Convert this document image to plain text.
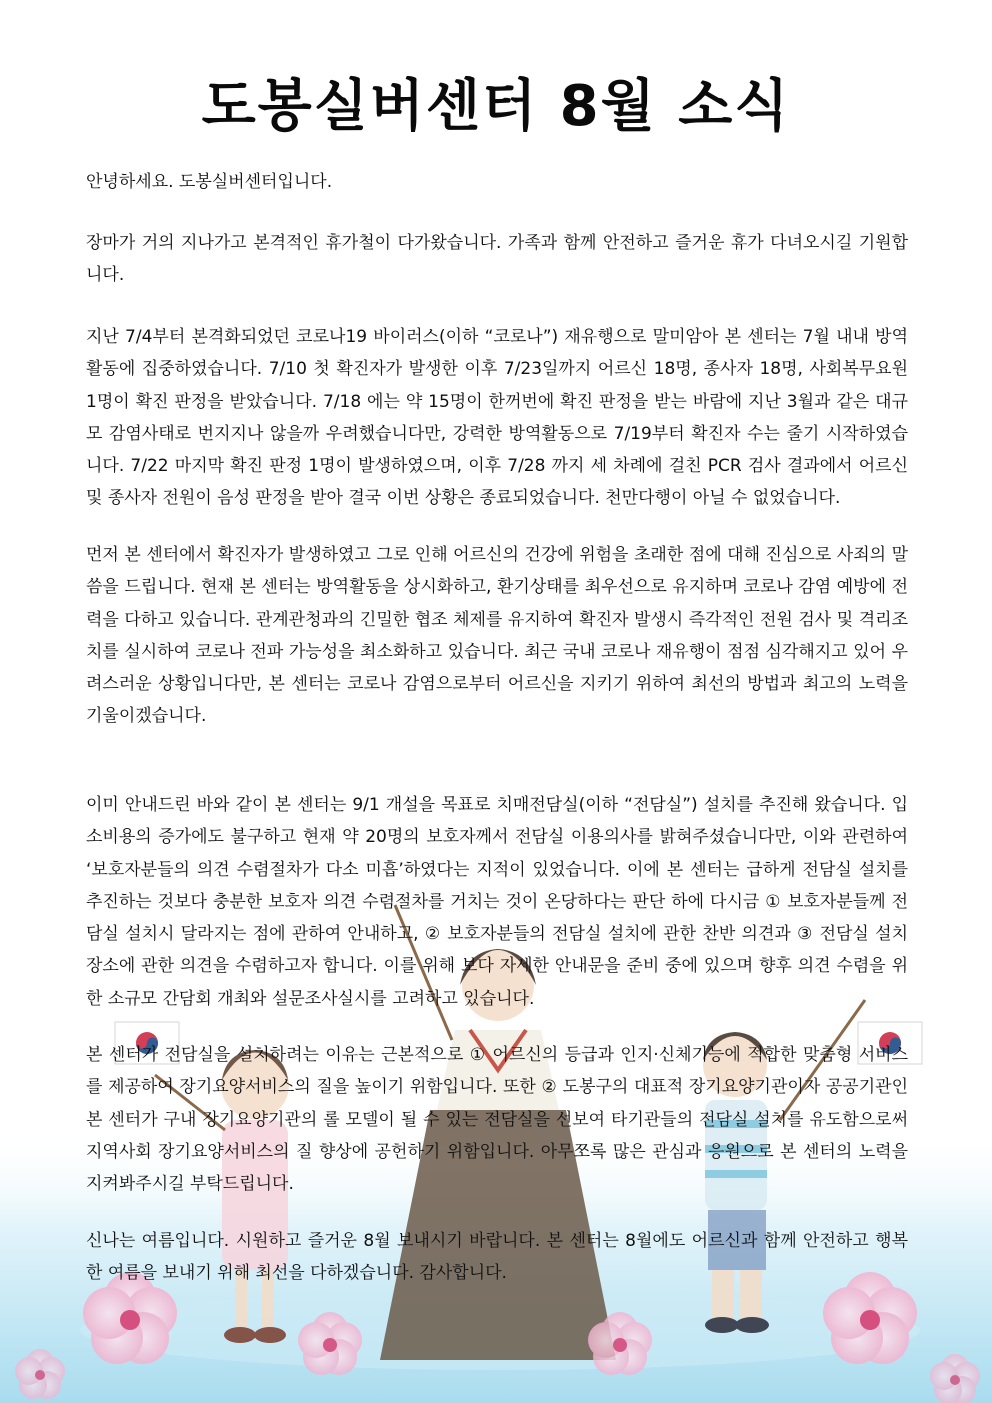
도봉실버센터 8월 소식

안녕하세요. 도봉실버센터입니다.

장마가 거의 지나가고 본격적인 휴가철이 다가왔습니다. 가족과 함께 안전하고 즐거운 휴가 다녀오시길 기원합니다.

지난 7/4부터 본격화되었던 코로나19 바이러스(이하 “코로나”) 재유행으로 말미암아 본 센터는 7월 내내 방역활동에 집중하였습니다. 7/10 첫 확진자가 발생한 이후 7/23일까지 어르신 18명, 종사자 18명, 사회복무요원 1명이 확진 판정을 받았습니다. 7/18 에는 약 15명이 한꺼번에 확진 판정을 받는 바람에 지난 3월과 같은 대규모 감염사태로 번지지나 않을까 우려했습니다만, 강력한 방역활동으로 7/19부터 확진자 수는 줄기 시작하였습니다. 7/22 마지막 확진 판정 1명이 발생하였으며, 이후 7/28 까지 세 차례에 걸친 PCR 검사 결과에서 어르신 및 종사자 전원이 음성 판정을 받아 결국 이번 상황은 종료되었습니다. 천만다행이 아닐 수 없었습니다.

먼저 본 센터에서 확진자가 발생하였고 그로 인해 어르신의 건강에 위험을 초래한 점에 대해 진심으로 사죄의 말씀을 드립니다. 현재 본 센터는 방역활동을 상시화하고, 환기상태를 최우선으로 유지하며 코로나 감염 예방에 전력을 다하고 있습니다. 관계관청과의 긴밀한 협조 체제를 유지하여 확진자 발생시 즉각적인 전원 검사 및 격리조치를 실시하여 코로나 전파 가능성을 최소화하고 있습니다. 최근 국내 코로나 재유행이 점점 심각해지고 있어 우려스러운 상황입니다만, 본 센터는 코로나 감염으로부터 어르신을 지키기 위하여 최선의 방법과 최고의 노력을 기울이겠습니다.

이미 안내드린 바와 같이 본 센터는 9/1 개설을 목표로 치매전담실(이하 “전담실”) 설치를 추진해 왔습니다. 입소비용의 증가에도 불구하고 현재 약 20명의 보호자께서 전담실 이용의사를 밝혀주셨습니다만, 이와 관련하여 ‘보호자분들의 의견 수렴절차가 다소 미흡’하였다는 지적이 있었습니다. 이에 본 센터는 급하게 전담실 설치를 추진하는 것보다 충분한 보호자 의견 수렴절차를 거치는 것이 온당하다는 판단 하에 다시금 ① 보호자분들께 전담실 설치시 달라지는 점에 관하여 안내하고, ② 보호자분들의 전담실 설치에 관한 찬반 의견과 ③ 전담실 설치 장소에 관한 의견을 수렴하고자 합니다. 이를 위해 보다 자세한 안내문을 준비 중에 있으며 향후 의견 수렴을 위한 소규모 간담회 개최와 설문조사실시를 고려하고 있습니다.

본 센터가 전담실을 설치하려는 이유는 근본적으로 ① 어르신의 등급과 인지·신체기능에 적합한 맞춤형 서비스를 제공하여 장기요양서비스의 질을 높이기 위함입니다. 또한 ② 도봉구의 대표적 장기요양기관이자 공공기관인 본 센터가 구내 장기요양기관의 롤 모델이 될 수 있는 전담실을 선보여 타기관들의 전담실 설치를 유도함으로써 지역사회 장기요양서비스의 질 향상에 공헌하기 위함입니다. 아무쪼록 많은 관심과 응원으로 본 센터의 노력을 지켜봐주시길 부탁드립니다.

신나는 여름입니다. 시원하고 즐거운 8월 보내시기 바랍니다. 본 센터는 8월에도 어르신과 함께 안전하고 행복한 여름을 보내기 위해 최선을 다하겠습니다. 감사합니다.
